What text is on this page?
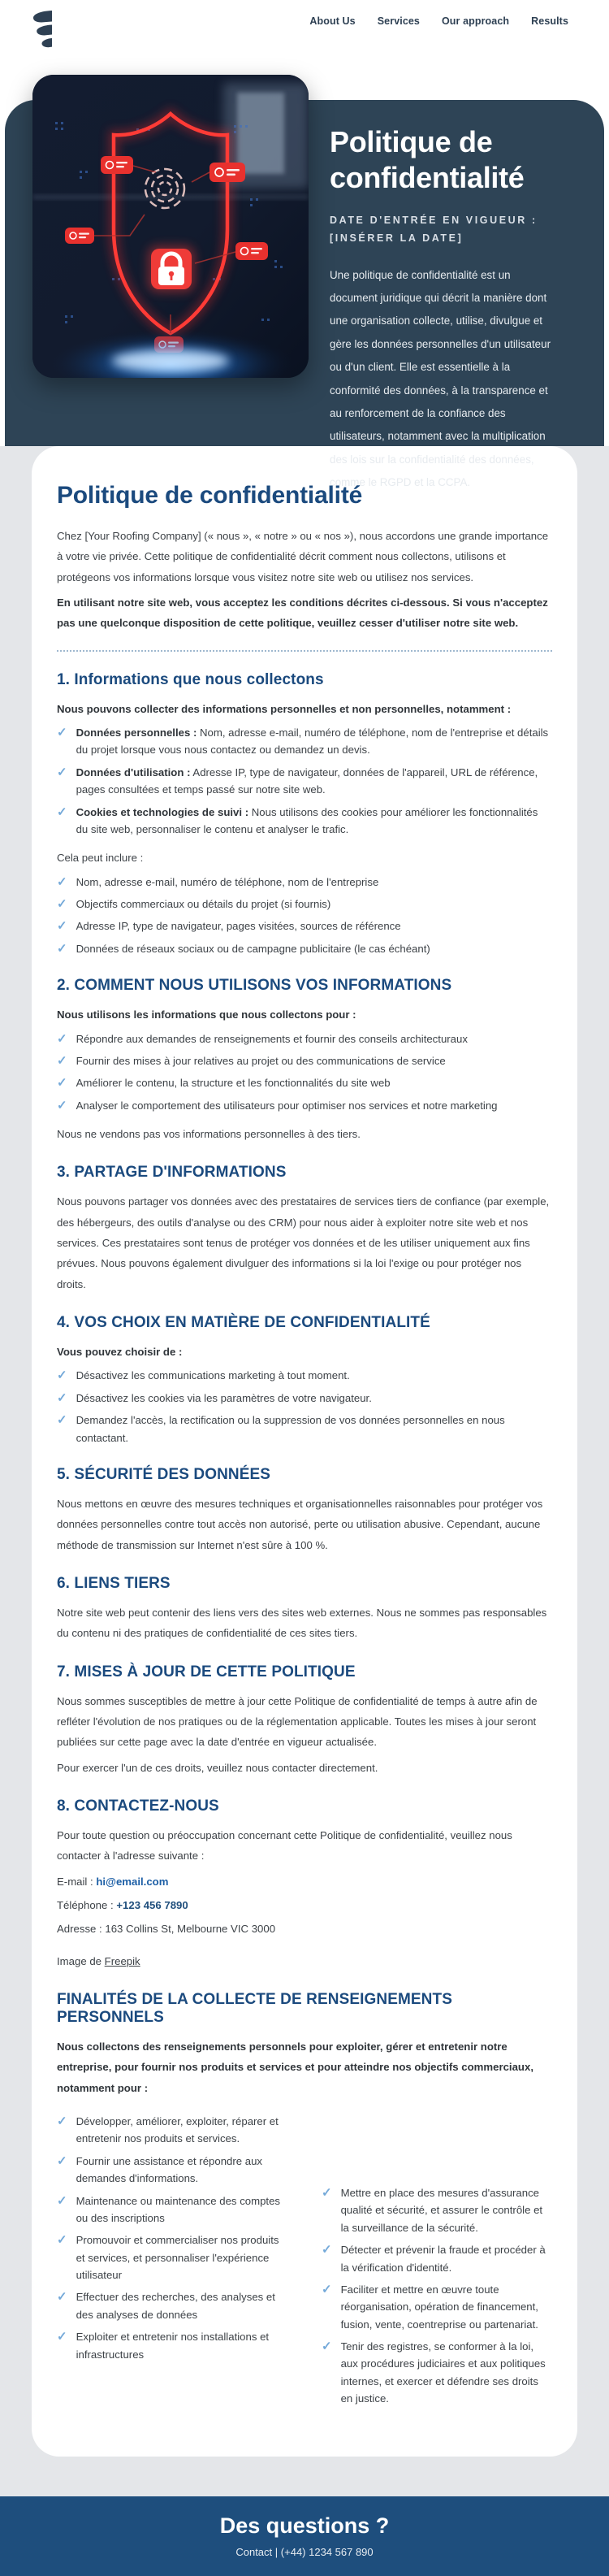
About Us Services Our approach Results
Politique de confidentialité
DATE D'ENTRÉE EN VIGUEUR : [INSÉRER LA DATE]

Une politique de confidentialité est un document juridique qui décrit la manière dont une organisation collecte, utilise, divulgue et gère les données personnelles d'un utilisateur ou d'un client. Elle est essentielle à la conformité des données, à la transparence et au renforcement de la confiance des utilisateurs, notamment avec la multiplication des lois sur la confidentialité des données, comme le RGPD et la CCPA.

Politique de confidentialité

Chez [Your Roofing Company] (« nous », « notre » ou « nos »), nous accordons une grande importance à votre vie privée. Cette politique de confidentialité décrit comment nous collectons, utilisons et protégeons vos informations lorsque vous visitez notre site web ou utilisez nos services.

En utilisant notre site web, vous acceptez les conditions décrites ci-dessous. Si vous n'acceptez pas une quelconque disposition de cette politique, veuillez cesser d'utiliser notre site web.

1. Informations que nous collectons

Nous pouvons collecter des informations personnelles et non personnelles, notamment :

✓ Données personnelles : Nom, adresse e-mail, numéro de téléphone, nom de l'entreprise et détails du projet lorsque vous nous contactez ou demandez un devis.
✓ Données d'utilisation : Adresse IP, type de navigateur, données de l'appareil, URL de référence, pages consultées et temps passé sur notre site web.
✓ Cookies et technologies de suivi : Nous utilisons des cookies pour améliorer les fonctionnalités du site web, personnaliser le contenu et analyser le trafic.

Cela peut inclure :

✓ Nom, adresse e-mail, numéro de téléphone, nom de l'entreprise
✓ Objectifs commerciaux ou détails du projet (si fournis)
✓ Adresse IP, type de navigateur, pages visitées, sources de référence
✓ Données de réseaux sociaux ou de campagne publicitaire (le cas échéant)
2. COMMENT NOUS UTILISONS VOS INFORMATIONS

Nous utilisons les informations que nous collectons pour :

✓ Répondre aux demandes de renseignements et fournir des conseils architecturaux
✓ Fournir des mises à jour relatives au projet ou des communications de service
✓ Améliorer le contenu, la structure et les fonctionnalités du site web
✓ Analyser le comportement des utilisateurs pour optimiser nos services et notre marketing

Nous ne vendons pas vos informations personnelles à des tiers.

3. PARTAGE D'INFORMATIONS

Nous pouvons partager vos données avec des prestataires de services tiers de confiance (par exemple, des hébergeurs, des outils d'analyse ou des CRM) pour nous aider à exploiter notre site web et nos services. Ces prestataires sont tenus de protéger vos données et de les utiliser uniquement aux fins prévues. Nous pouvons également divulguer des informations si la loi l'exige ou pour protéger nos droits.

4. VOS CHOIX EN MATIÈRE DE CONFIDENTIALITÉ

Vous pouvez choisir de :

✓ Désactivez les communications marketing à tout moment.
✓ Désactivez les cookies via les paramètres de votre navigateur.
✓ Demandez l'accès, la rectification ou la suppression de vos données personnelles en nous contactant.
5. SÉCURITÉ DES DONNÉES

Nous mettons en œuvre des mesures techniques et organisationnelles raisonnables pour protéger vos données personnelles contre tout accès non autorisé, perte ou utilisation abusive. Cependant, aucune méthode de transmission sur Internet n'est sûre à 100 %.

6. LIENS TIERS

Notre site web peut contenir des liens vers des sites web externes. Nous ne sommes pas responsables du contenu ni des pratiques de confidentialité de ces sites tiers.

7. MISES À JOUR DE CETTE POLITIQUE

Nous sommes susceptibles de mettre à jour cette Politique de confidentialité de temps à autre afin de refléter l'évolution de nos pratiques ou de la réglementation applicable. Toutes les mises à jour seront publiées sur cette page avec la date d'entrée en vigueur actualisée.

Pour exercer l'un de ces droits, veuillez nous contacter directement.

8. CONTACTEZ-NOUS

Pour toute question ou préoccupation concernant cette Politique de confidentialité, veuillez nous contacter à l'adresse suivante :

E-mail : hi@email.com

Téléphone : +123 456 7890

Adresse : 163 Collins St, Melbourne VIC 3000

Image de Freepik

FINALITÉS DE LA COLLECTE DE RENSEIGNEMENTS PERSONNELS

Nous collectons des renseignements personnels pour exploiter, gérer et entretenir notre entreprise, pour fournir nos produits et services et pour atteindre nos objectifs commerciaux, notamment pour :

✓ Développer, améliorer, exploiter, réparer et entretenir nos produits et services.
✓ Fournir une assistance et répondre aux demandes d'informations.
✓ Maintenance ou maintenance des comptes ou des inscriptions
✓ Promouvoir et commercialiser nos produits et services, et personnaliser l'expérience utilisateur
✓ Effectuer des recherches, des analyses et des analyses de données
✓ Exploiter et entretenir nos installations et infrastructures
✓ Mettre en place des mesures d'assurance qualité et sécurité, et assurer le contrôle et la surveillance de la sécurité.
✓ Détecter et prévenir la fraude et procéder à la vérification d'identité.
✓ Faciliter et mettre en œuvre toute réorganisation, opération de financement, fusion, vente, coentreprise ou partenariat.
✓ Tenir des registres, se conformer à la loi, aux procédures judiciaires et aux politiques internes, et exercer et défendre ses droits en justice.
Des questions ?

Contact | (+44) 1234 567 890
